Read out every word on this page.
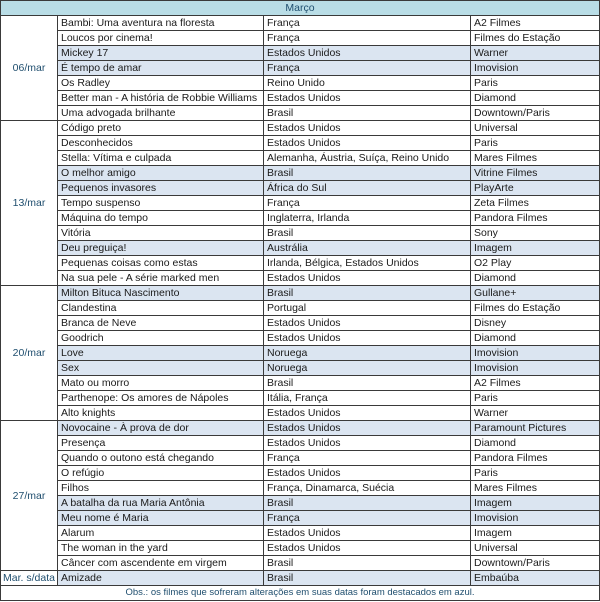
Março			
06/mar	Bambi: Uma aventura na floresta	França	A2 Filmes
	Loucos por cinema!	França	Filmes do Estação
	Mickey 17	Estados Unidos	Warner
	É tempo de amar	França	Imovision
	Os Radley	Reino Unido	Paris
	Better man - A história de Robbie Williams	Estados Unidos	Diamond
	Uma advogada brilhante	Brasil	Downtown/Paris
13/mar	Código preto	Estados Unidos	Universal
	Desconhecidos	Estados Unidos	Paris
	Stella: Vítima e culpada	Alemanha, Áustria, Suíça, Reino Unido	Mares Filmes
	O melhor amigo	Brasil	Vitrine Filmes
	Pequenos invasores	África do Sul	PlayArte
	Tempo suspenso	França	Zeta Filmes
	Máquina do tempo	Inglaterra, Irlanda	Pandora Filmes
	Vitória	Brasil	Sony
	Deu preguiça!	Austrália	Imagem
	Pequenas coisas como estas	Irlanda, Bélgica, Estados Unidos	O2 Play
	Na sua pele - A série marked men	Estados Unidos	Diamond
20/mar	Milton Bituca Nascimento	Brasil	Gullane+
	Clandestina	Portugal	Filmes do Estação
	Branca de Neve	Estados Unidos	Disney
	Goodrich	Estados Unidos	Diamond
	Love	Noruega	Imovision
	Sex	Noruega	Imovision
	Mato ou morro	Brasil	A2 Filmes
	Parthenope: Os amores de Nápoles	Itália, França	Paris
	Alto knights	Estados Unidos	Warner
27/mar	Novocaine - À prova de dor	Estados Unidos	Paramount Pictures
	Presença	Estados Unidos	Diamond
	Quando o outono está chegando	França	Pandora Filmes
	O refúgio	Estados Unidos	Paris
	Filhos	França, Dinamarca, Suécia	Mares Filmes
	A batalha da rua Maria Antônia	Brasil	Imagem
	Meu nome é Maria	França	Imovision
	Alarum	Estados Unidos	Imagem
	The woman in the yard	Estados Unidos	Universal
	Câncer com ascendente em virgem	Brasil	Downtown/Paris
Mar. s/data	Amizade	Brasil	Embaúba
Obs.: os filmes que sofreram alterações em suas datas foram destacados em azul.			
